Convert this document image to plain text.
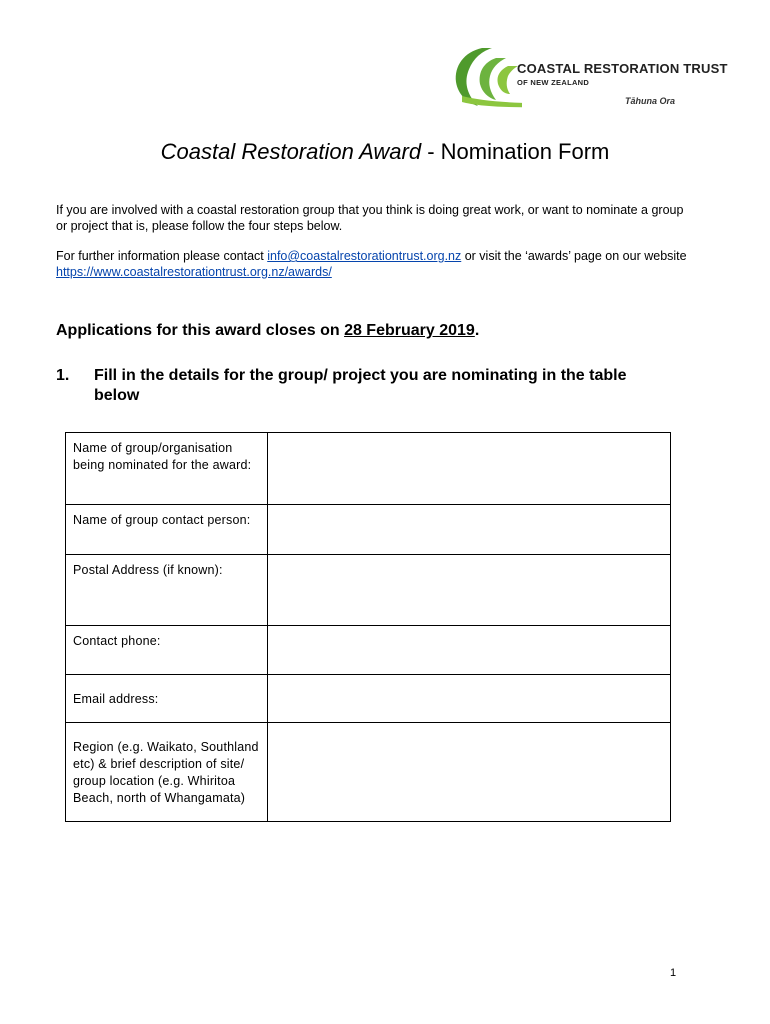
COASTAL RESTORATION TRUST
OF NEW ZEALAND
Tāhuna Ora
Coastal Restoration Award - Nomination Form

If you are involved with a coastal restoration group that you think is doing great work, or want to nominate a group or project that is, please follow the four steps below.

For further information please contact info@coastalrestorationtrust.org.nz or visit the ‘awards’ page on our website https://www.coastalrestorationtrust.org.nz/awards/

Applications for this award closes on 28 February 2019.
1. Fill in the details for the group/ project you are nominating in the table below
Name of group/organisation being nominated for the award:	
Name of group contact person:	
Postal Address (if known):	
Contact phone:	
Email address:	
Region (e.g. Waikato, Southland etc) & brief description of site/ group location (e.g. Whiritoa Beach, north of Whangamata)	
1
